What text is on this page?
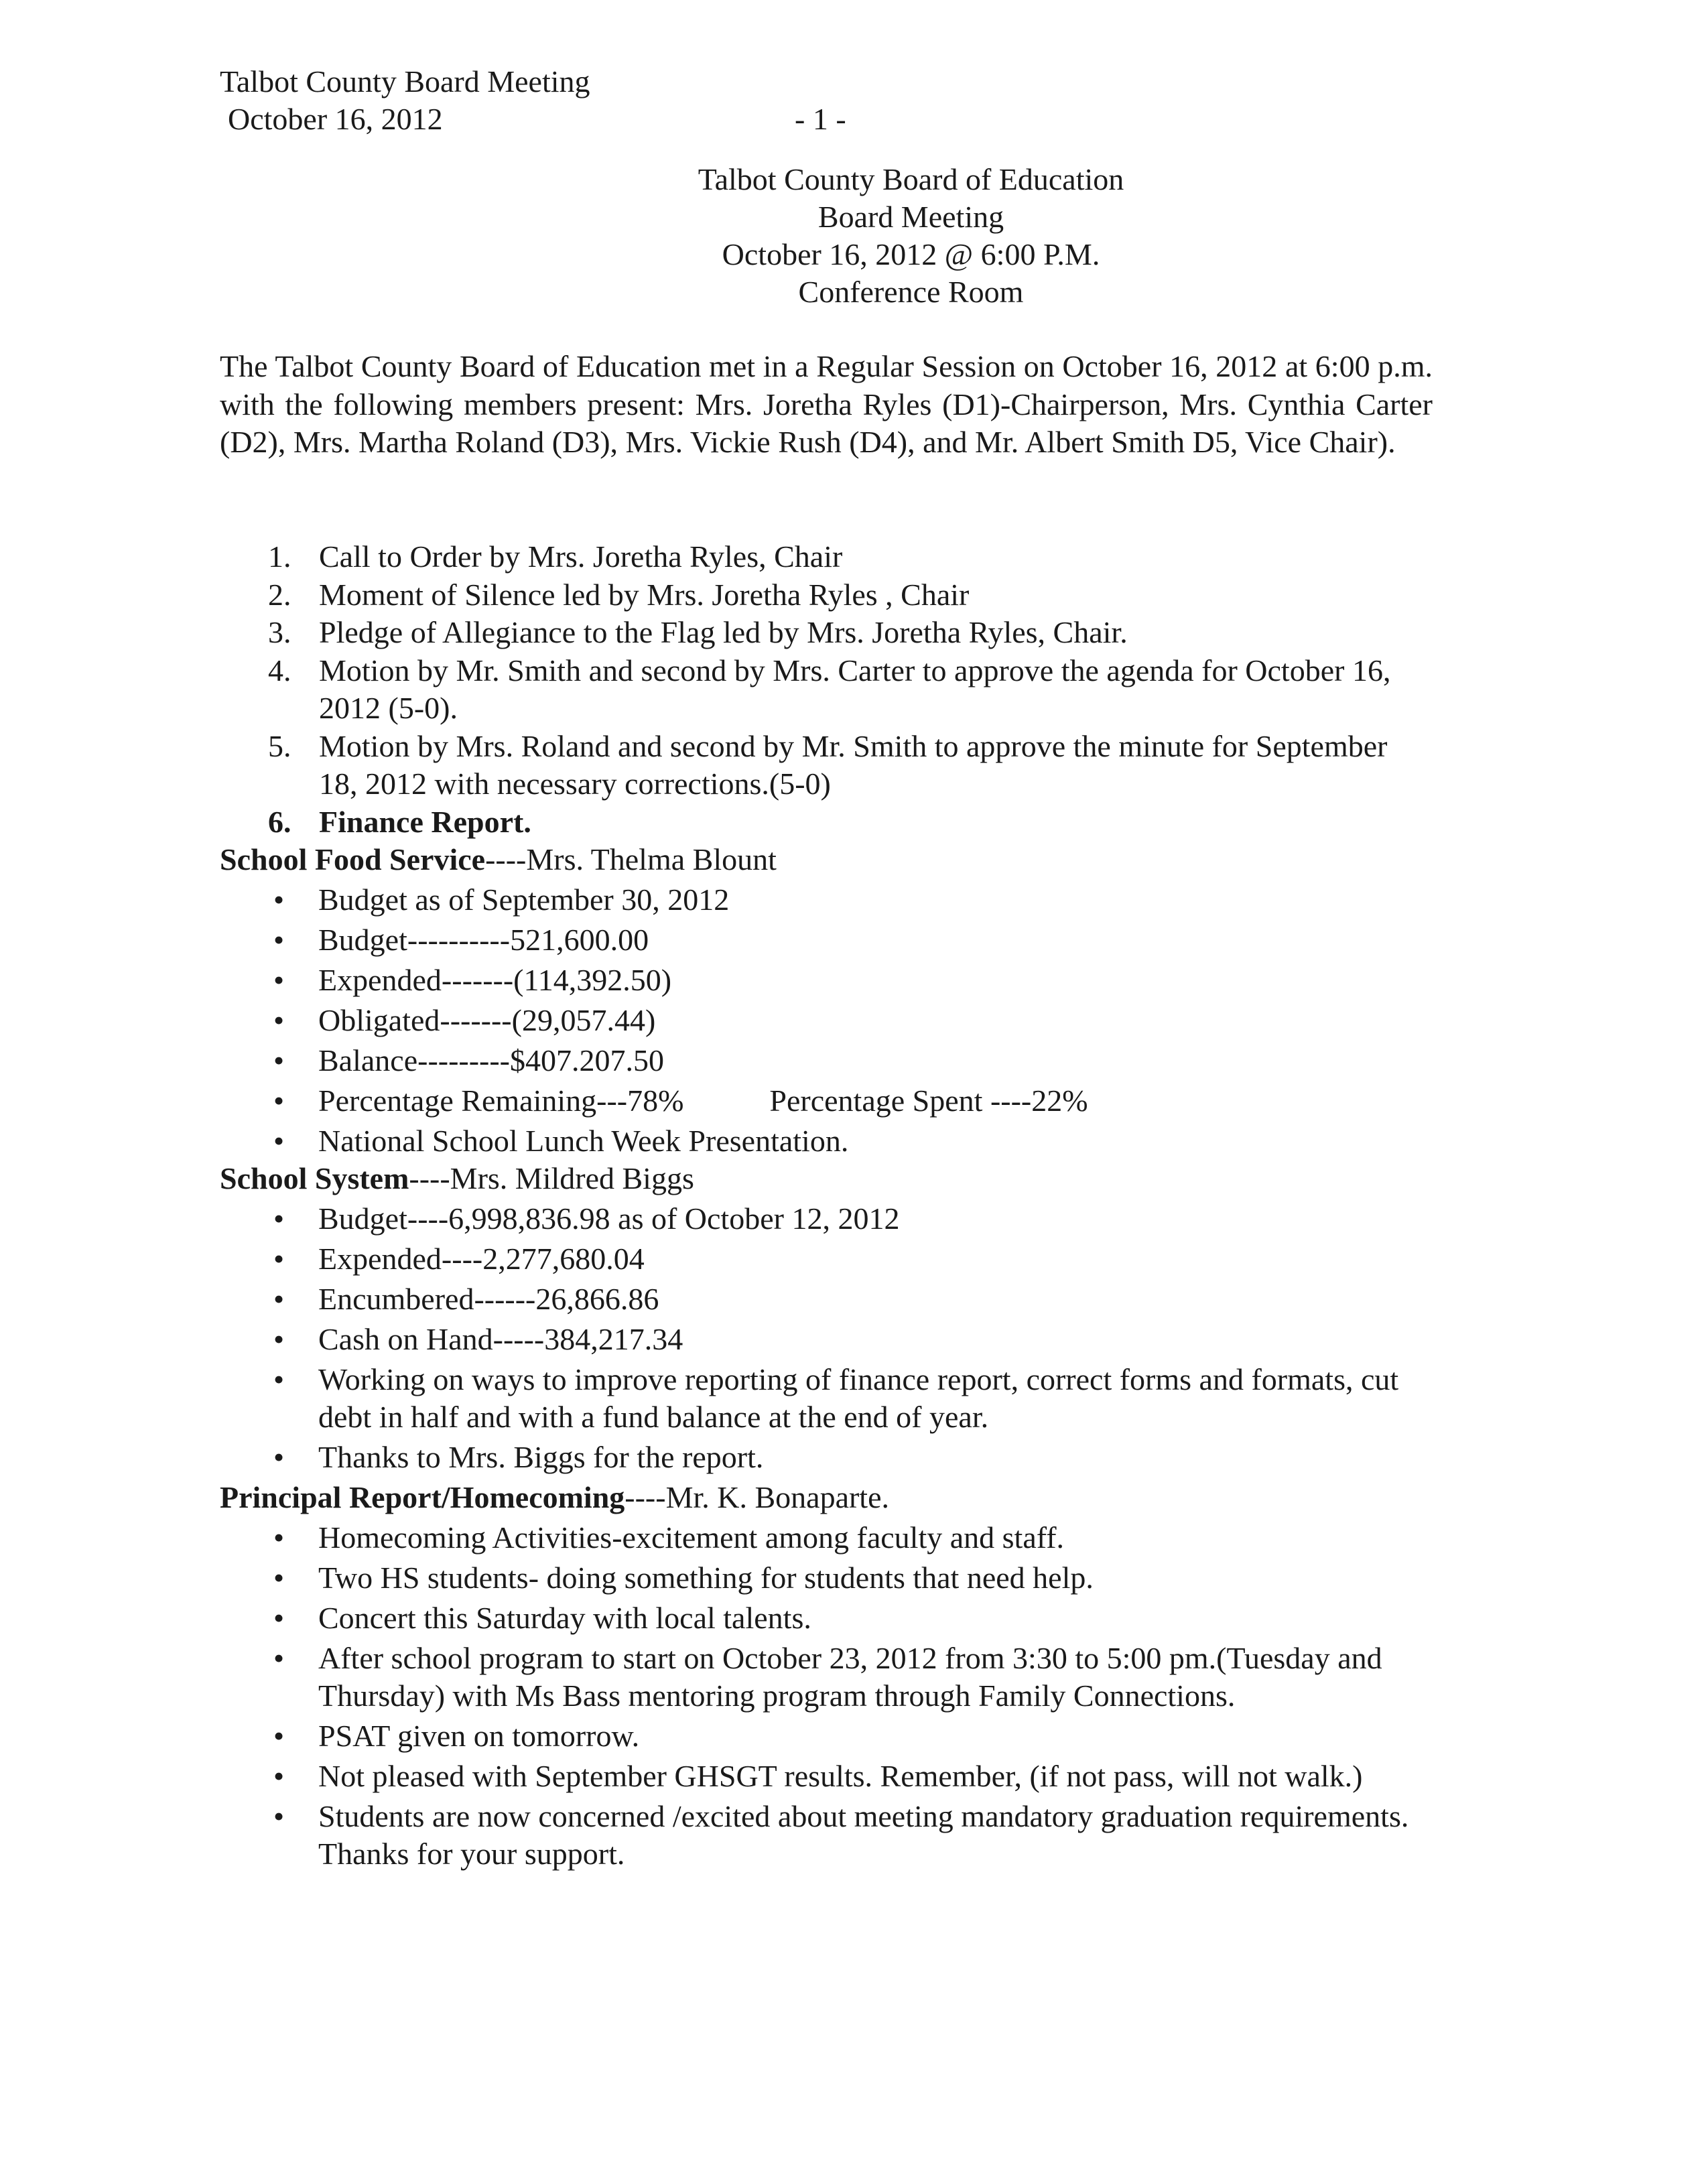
Talbot County Board Meeting
October 16, 2012	- 1 -
Talbot County Board of Education
Board Meeting
October 16, 2012 @ 6:00 P.M.
Conference Room
The Talbot County Board of Education met in a Regular Session on October 16, 2012 at 6:00 p.m. with the following members present: Mrs. Joretha Ryles (D1)-Chairperson, Mrs. Cynthia Carter (D2), Mrs. Martha Roland (D3), Mrs. Vickie Rush (D4), and Mr. Albert Smith D5, Vice Chair).
1. Call to Order by Mrs. Joretha Ryles, Chair
2. Moment of Silence led by Mrs. Joretha Ryles , Chair
3. Pledge of Allegiance to the Flag led by Mrs. Joretha Ryles, Chair.
4. Motion by Mr. Smith and second by Mrs. Carter to approve the agenda for October 16, 2012 (5-0).
5. Motion by Mrs. Roland and second by Mr. Smith to approve the minute for September 18, 2012 with necessary corrections.(5-0)
6. Finance Report.
School Food Service----Mrs. Thelma Blount
• Budget as of September 30, 2012
• Budget----------521,600.00
• Expended-------(114,392.50)
• Obligated-------(29,057.44)
• Balance---------$407.207.50
• Percentage Remaining---78%	Percentage Spent ----22%
• National School Lunch Week Presentation.
School System----Mrs. Mildred Biggs
• Budget----6,998,836.98 as of October 12, 2012
• Expended----2,277,680.04
• Encumbered------26,866.86
• Cash on Hand-----384,217.34
• Working on ways to improve reporting of finance report, correct forms and formats, cut debt in half and with a fund balance at the end of year.
• Thanks to Mrs. Biggs for the report.
Principal Report/Homecoming----Mr. K. Bonaparte.
• Homecoming Activities-excitement among faculty and staff.
• Two HS students- doing something for students that need help.
• Concert this Saturday with local talents.
• After school program to start on October 23, 2012 from 3:30 to 5:00 pm.(Tuesday and Thursday) with Ms Bass mentoring program through Family Connections.
• PSAT given on tomorrow.
• Not pleased with September GHSGT results. Remember, (if not pass, will not walk.)
• Students are now concerned /excited about meeting mandatory graduation requirements. Thanks for your support.
